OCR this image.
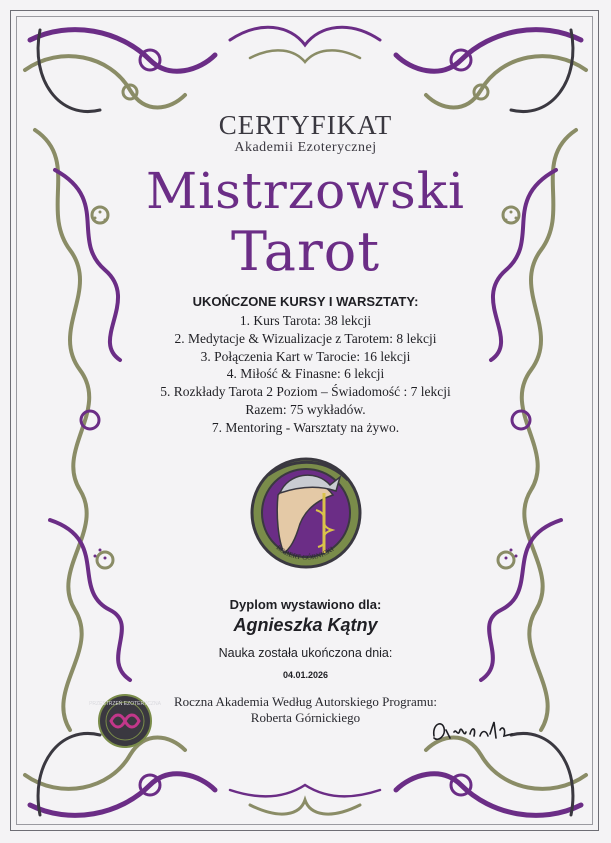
CERTYFIKAT
Akademii Ezoterycznej
Mistrzowski
Tarot
UKOŃCZONE KURSY I WARSZTATY:
1. Kurs Tarota: 38 lekcji
2. Medytacje & Wizualizacje z Tarotem: 8 lekcji
3. Połączenia Kart w Tarocie: 16 lekcji
4. Miłość & Finasne: 6 lekcji
5. Rozkłady Tarota 2 Poziom – Świadomość : 7 lekcji
Razem: 75 wykładów.
7. Mentoring - Warsztaty na żywo.
ROBERT GÓRNICKI
Dyplom wystawiono dla:
Agnieszka Kątny
Nauka została ukończona dnia:
04.01.2026
Roczna Akademia Według Autorskiego Programu:
Roberta Górnickiego
PRZESTRZEŃ EZOTERYCZNA
